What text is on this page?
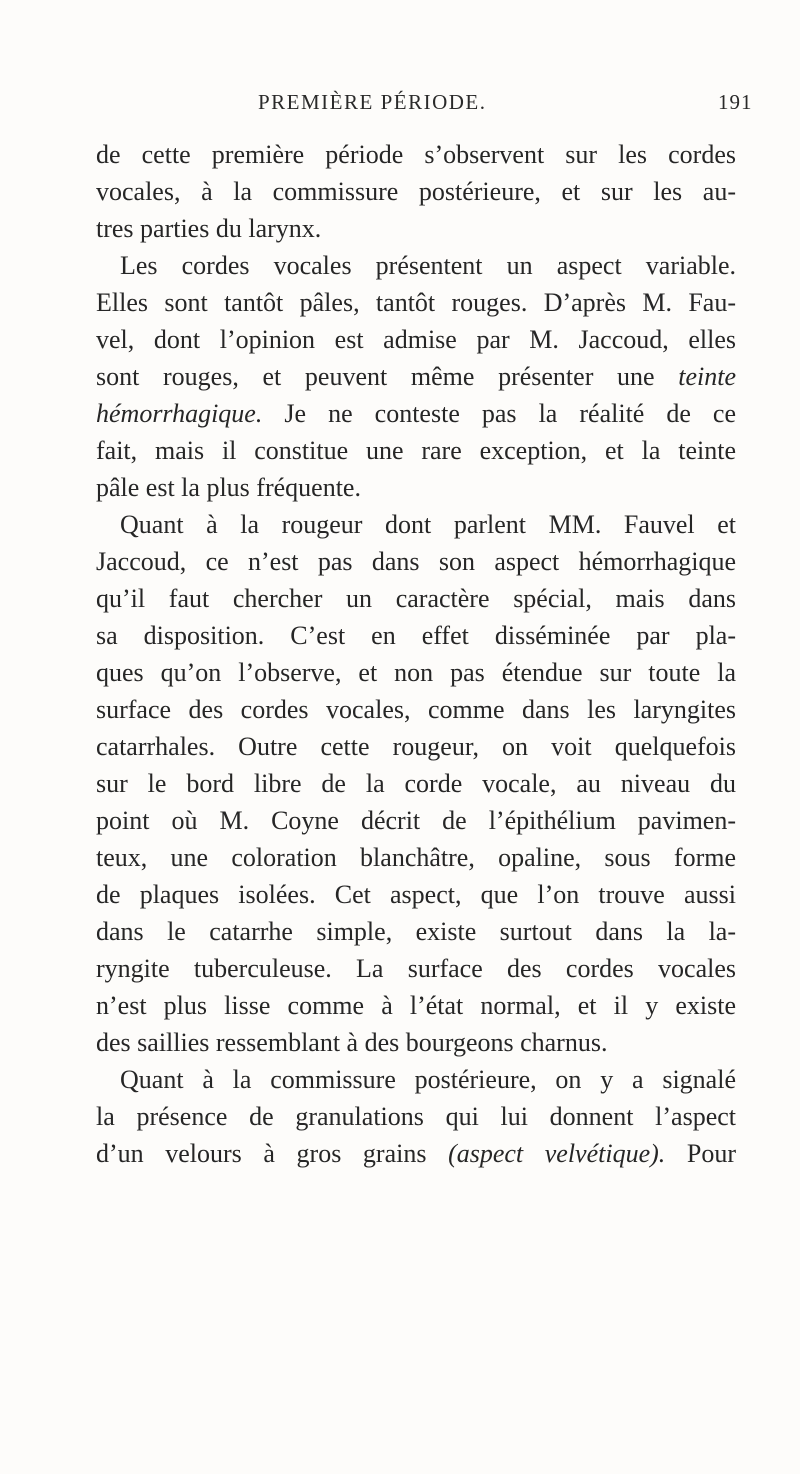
PREMIÈRE PÉRIODE.	191
de cette première période s’observent sur les cordes
vocales, à la commissure postérieure, et sur les au-
tres parties du larynx.
Les cordes vocales présentent un aspect variable.
Elles sont tantôt pâles, tantôt rouges. D’après M. Fau-
vel, dont l’opinion est admise par M. Jaccoud, elles
sont rouges, et peuvent même présenter une teinte
hémorrhagique. Je ne conteste pas la réalité de ce
fait, mais il constitue une rare exception, et la teinte
pâle est la plus fréquente.
Quant à la rougeur dont parlent MM. Fauvel et
Jaccoud, ce n’est pas dans son aspect hémorrhagique
qu’il faut chercher un caractère spécial, mais dans
sa disposition. C’est en effet disséminée par pla-
ques qu’on l’observe, et non pas étendue sur toute la
surface des cordes vocales, comme dans les laryngites
catarrhales. Outre cette rougeur, on voit quelquefois
sur le bord libre de la corde vocale, au niveau du
point où M. Coyne décrit de l’épithélium pavimen-
teux, une coloration blanchâtre, opaline, sous forme
de plaques isolées. Cet aspect, que l’on trouve aussi
dans le catarrhe simple, existe surtout dans la la-
ryngite tuberculeuse. La surface des cordes vocales
n’est plus lisse comme à l’état normal, et il y existe
des saillies ressemblant à des bourgeons charnus.
Quant à la commissure postérieure, on y a signalé
la présence de granulations qui lui donnent l’aspect
d’un velours à gros grains (aspect velvétique). Pour
